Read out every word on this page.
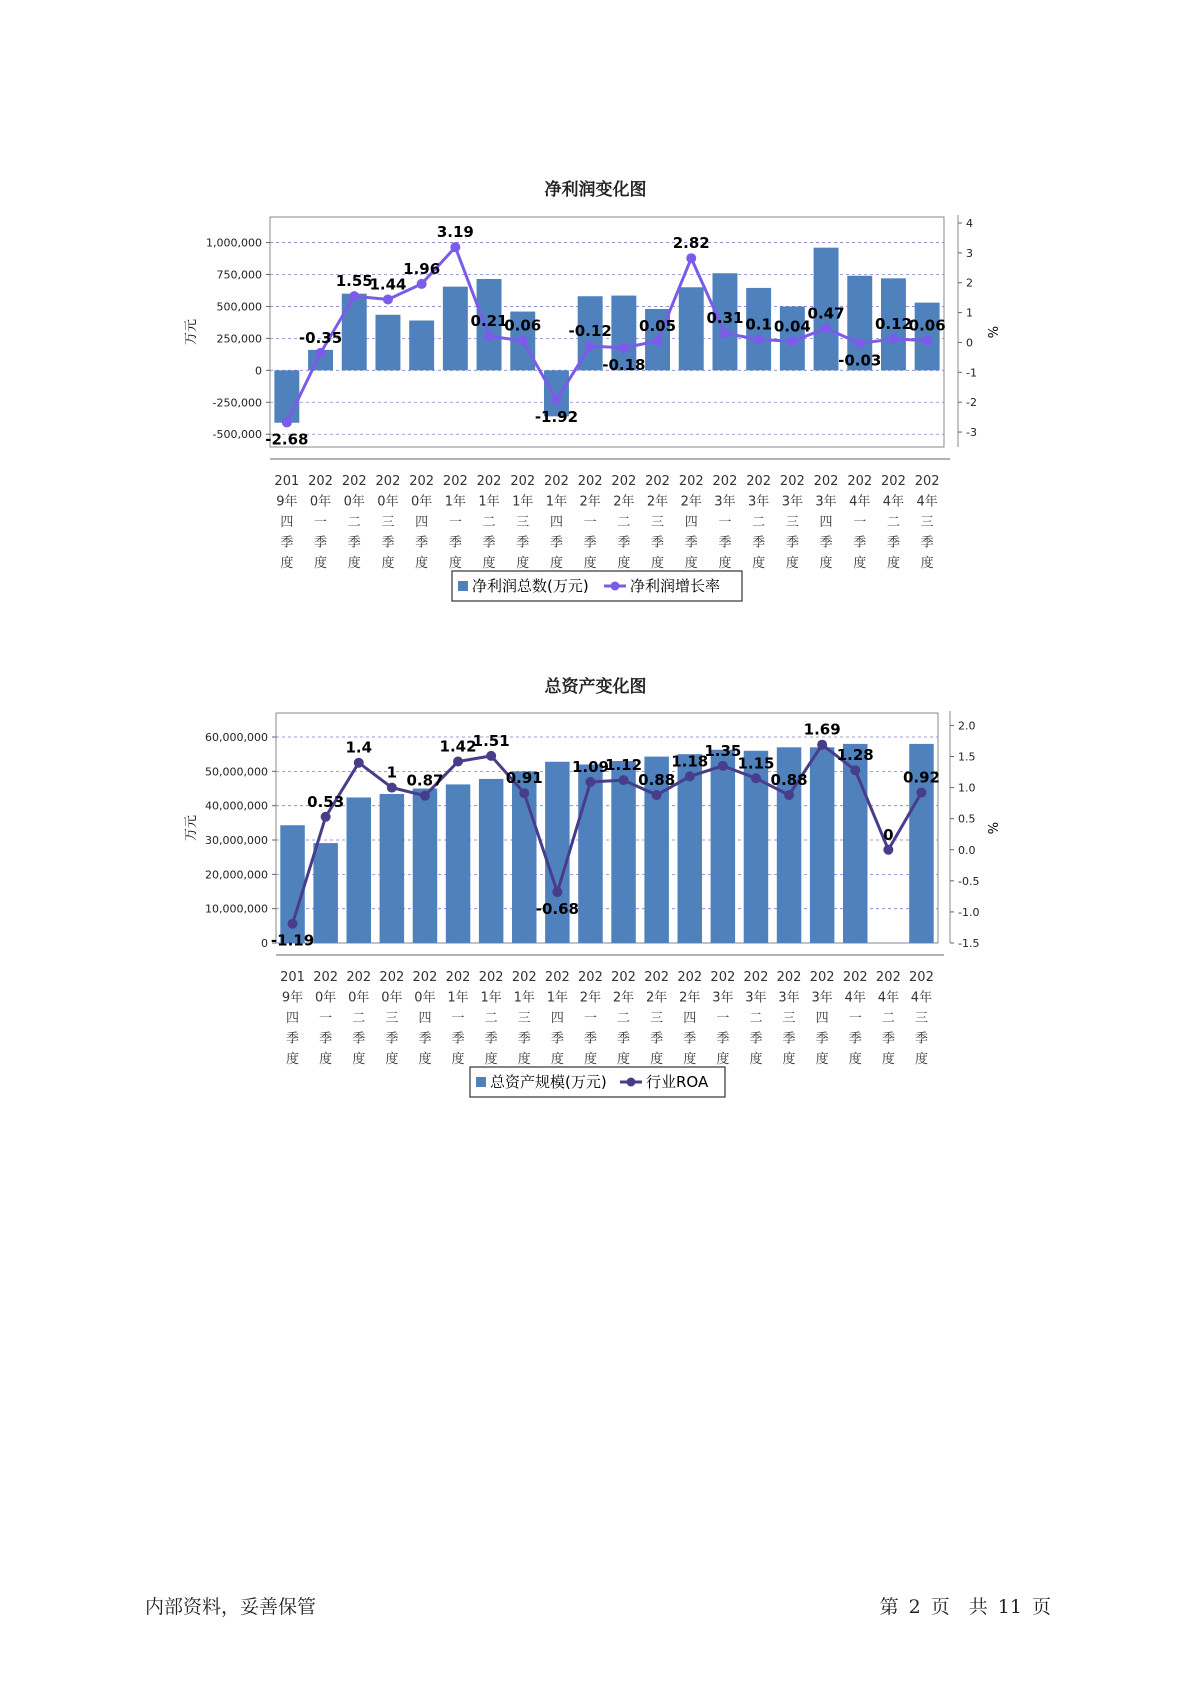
净利润变化图
-500,000
-250,000
0
250,000
500,000
750,000
1,000,000
-3
-2
-1
0
1
2
3
4
万元	%
-2.68
-0.35
1.55
1.44
1.96
3.19
0.21
0.06
-1.92
-0.12
-0.18
0.05
2.82
0.31 0.1 0.04
0.47
-0.03
0.12
0.06
201 9年四季度
202 0年一季度
202 0年二季度
202 0年三季度
202 0年四季度
202 1年一季度
202 1年二季度
202 1年三季度
202 1年四季度
202 2年一季度
202 2年二季度
202 2年三季度
202 2年四季度
202 3年一季度
202 3年二季度
202 3年三季度
202 3年四季度
202 4年一季度
202 4年二季度
202 4年三季度
净利润总数(万元)	净利润增长率
总资产变化图
0
10,000,000
20,000,000
30,000,000
40,000,000
50,000,000
60,000,000
-1.5
-1.0
-0.5
0.0
0.5
1.0
1.5
2.0
万元	%
-1.19
0.53
1.4
1 0.87
1.42
1.51
0.91
-0.68
1.09
1.12
0.88
1.18
1.35
1.15
0.88
1.69
1.28
0
0.92
201 9年四季度
202 0年一季度
202 0年二季度
202 0年三季度
202 0年四季度
202 1年一季度
202 1年二季度
202 1年三季度
202 1年四季度
202 2年一季度
202 2年二季度
202 2年三季度
202 2年四季度
202 3年一季度
202 3年二季度
202 3年三季度
202 3年四季度
202 4年一季度
202 4年二季度
202 4年三季度
总资产规模(万元)	行业ROA
内部资料，妥善保管	第 2 页　共 11 页
